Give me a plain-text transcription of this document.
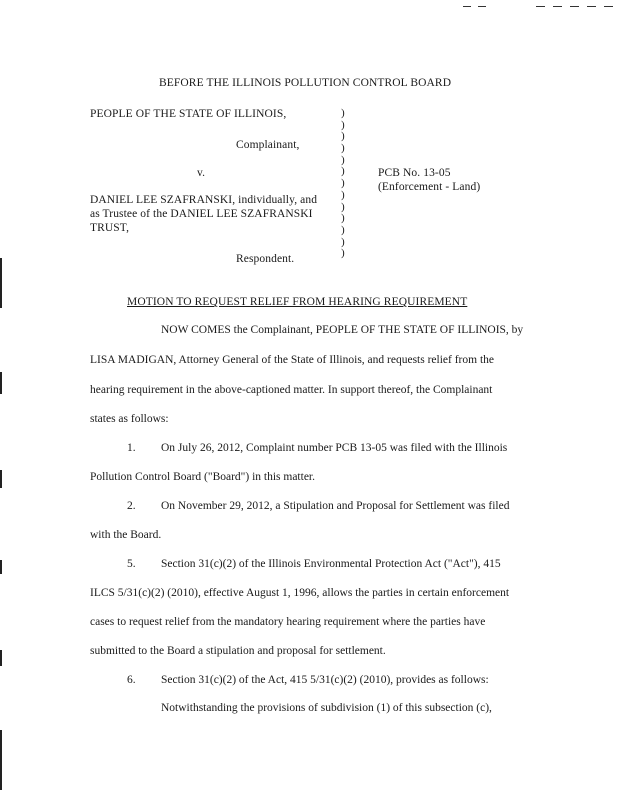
BEFORE THE ILLINOIS POLLUTION CONTROL BOARD
PEOPLE OF THE STATE OF ILLINOIS,
Complainant,
v.
DANIEL LEE SZAFRANSKI, individually, and
as Trustee of the DANIEL LEE SZAFRANSKI
TRUST,
Respondent.
)
)
)
)
)
)
)
)
)
)
)
)
)
PCB No. 13-05
(Enforcement - Land)
MOTION TO REQUEST RELIEF FROM HEARING REQUIREMENT
NOW COMES the Complainant, PEOPLE OF THE STATE OF ILLINOIS, by
LISA MADIGAN, Attorney General of the State of Illinois, and requests relief from the
hearing requirement in the above-captioned matter. In support thereof, the Complainant
states as follows:
1. On July 26, 2012, Complaint number PCB 13-05 was filed with the Illinois
Pollution Control Board ("Board") in this matter.
2. On November 29, 2012, a Stipulation and Proposal for Settlement was filed
with the Board.
5. Section 31(c)(2) of the Illinois Environmental Protection Act ("Act"), 415
ILCS 5/31(c)(2) (2010), effective August 1, 1996, allows the parties in certain enforcement
cases to request relief from the mandatory hearing requirement where the parties have
submitted to the Board a stipulation and proposal for settlement.
6. Section 31(c)(2) of the Act, 415 5/31(c)(2) (2010), provides as follows:
Notwithstanding the provisions of subdivision (1) of this subsection (c),
